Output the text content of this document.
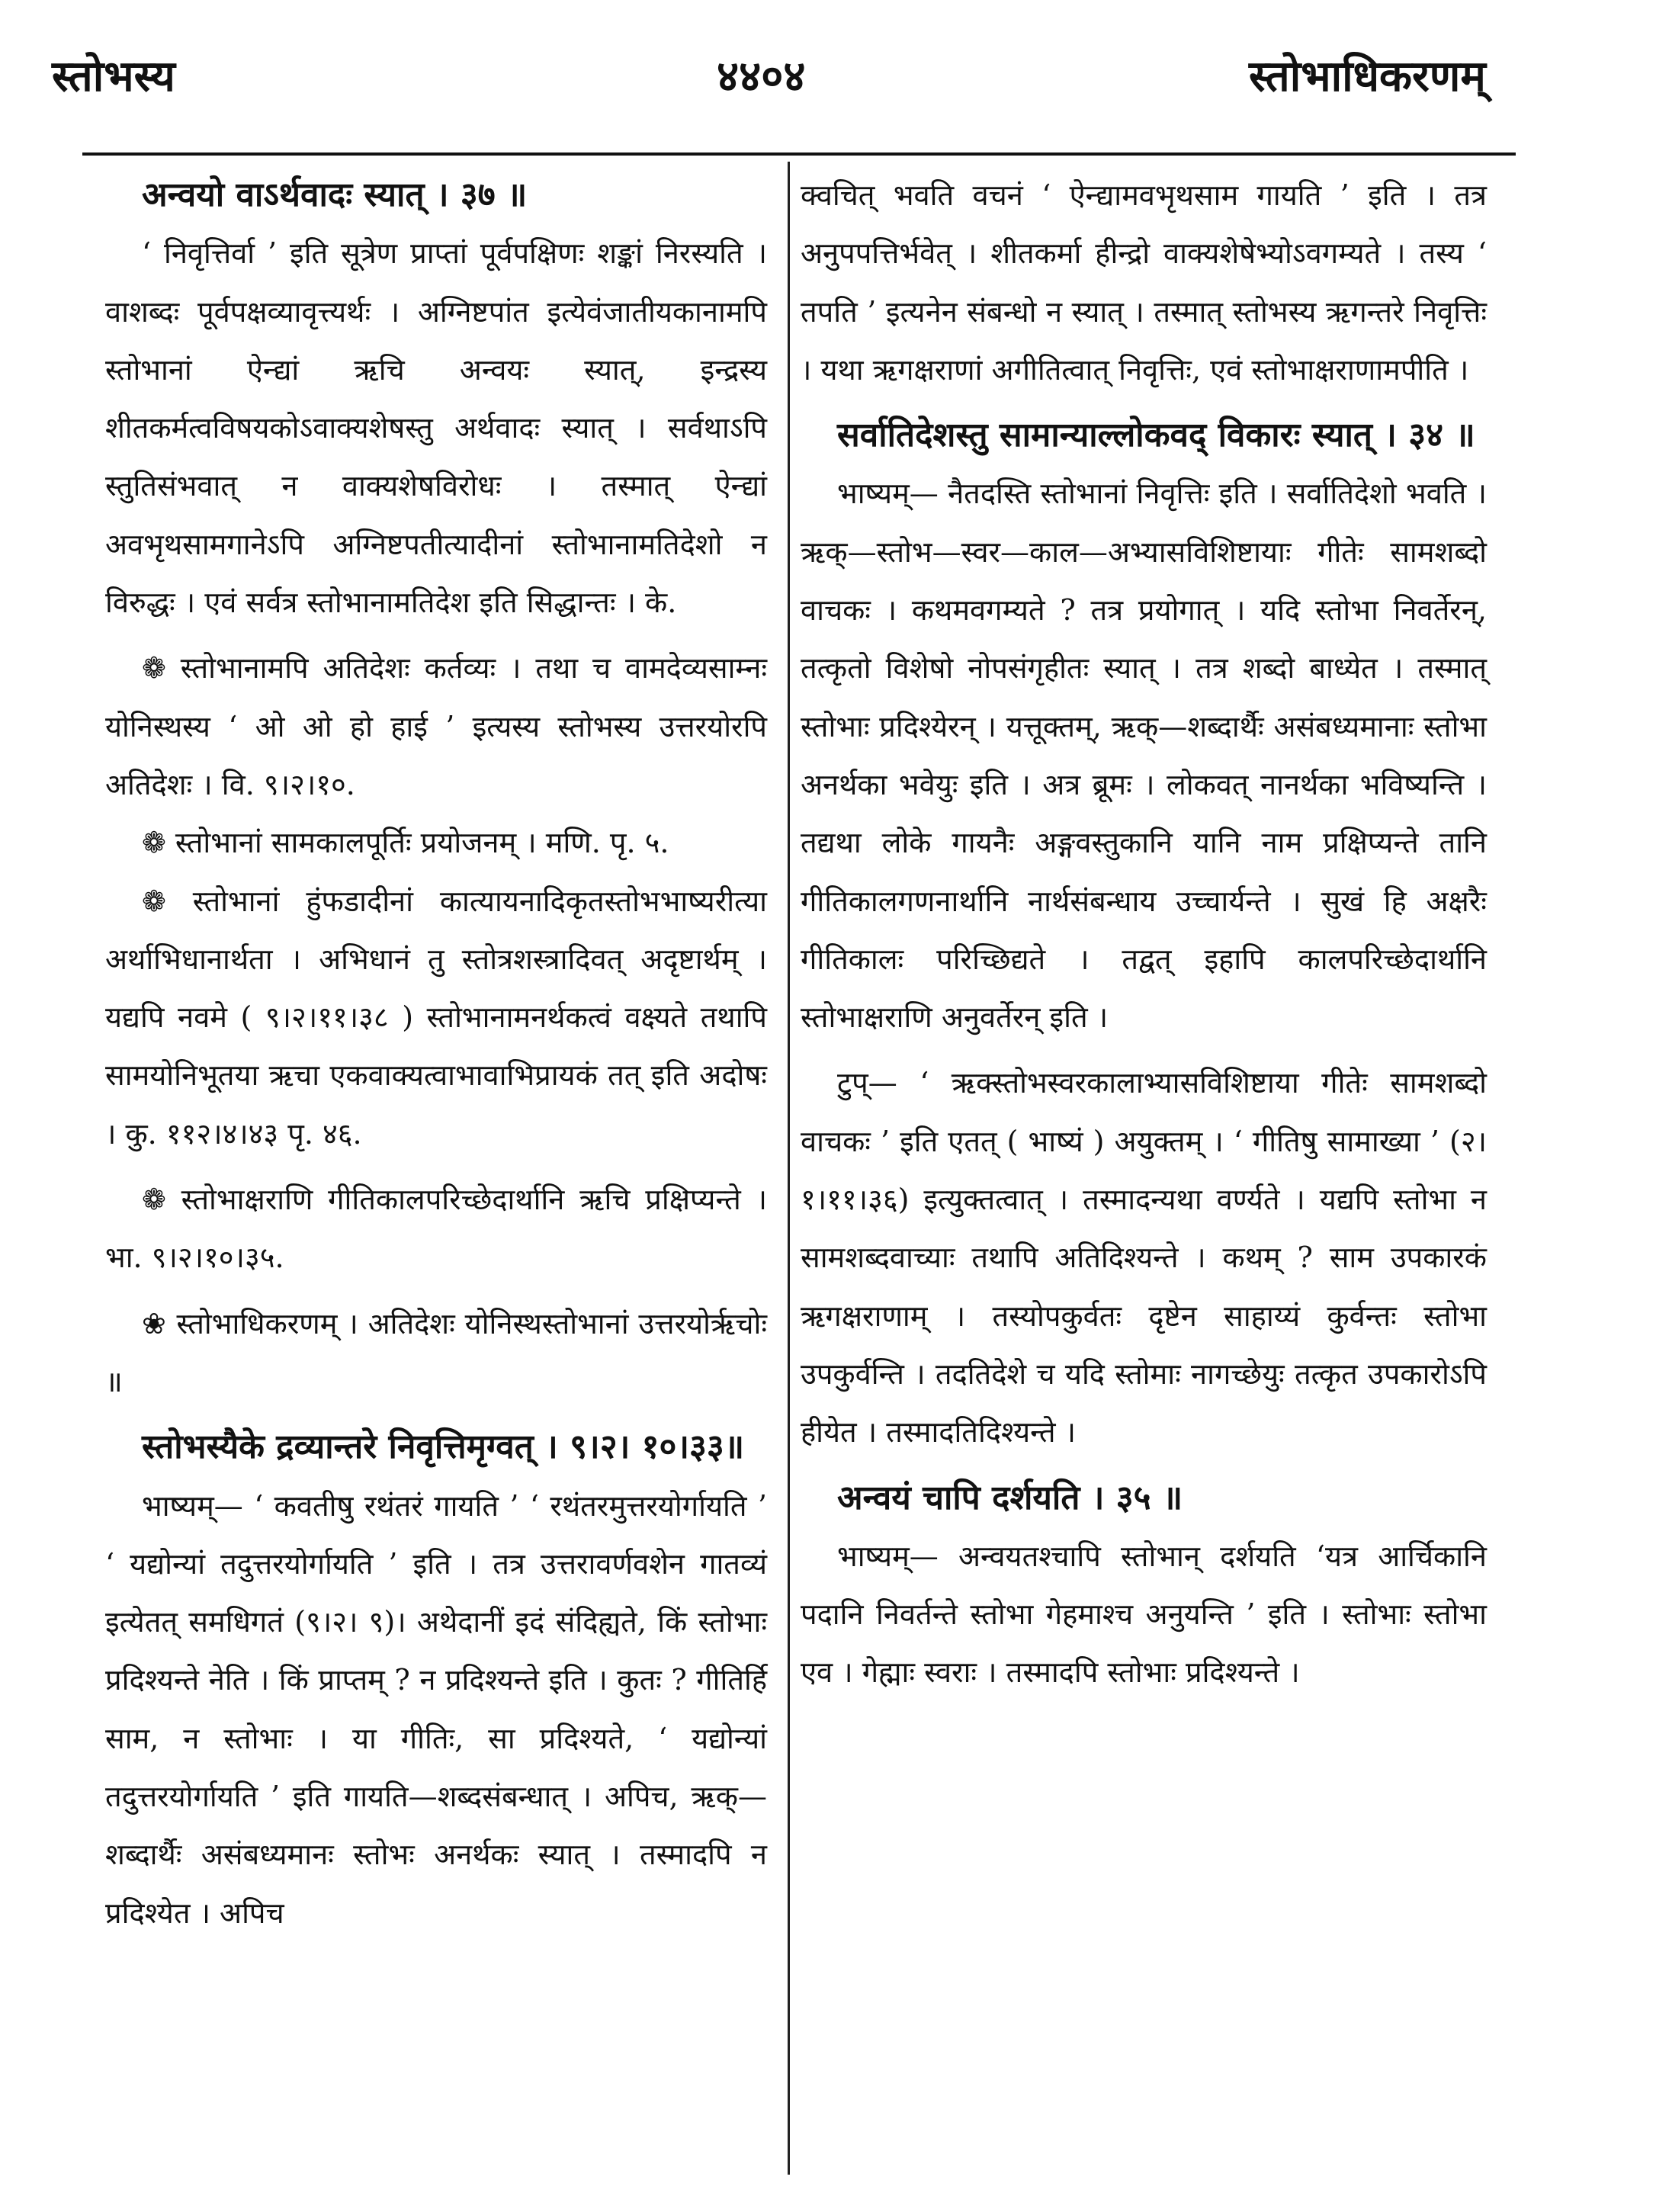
स्तोभस्य	४४०४	स्तोभाधिकरणम्

अन्वयो वाऽर्थवादः स्यात् । ३७ ॥

‘ निवृत्तिर्वा ’ इति सूत्रेण प्राप्तां पूर्वपक्षिणः शङ्कां निरस्यति । वाशब्दः पूर्वपक्षव्यावृत्त्यर्थः । अग्निष्टपांत इत्येवंजातीयकानामपि स्तोभानां ऐन्द्यां ऋचि अन्वयः स्यात्, इन्द्रस्य शीतकर्मत्वविषयकोऽवाक्यशेषस्तु अर्थवादः स्यात् । सर्वथाऽपि स्तुतिसंभवात् न वाक्यशेषविरोधः । तस्मात् ऐन्द्यां अवभृथसामगानेऽपि अग्निष्टपतीत्यादीनां स्तोभानामतिदेशो न विरुद्धः । एवं सर्वत्र स्तोभानामतिदेश इति सिद्धान्तः । के.

❁ स्तोभानामपि अतिदेशः कर्तव्यः । तथा च वामदेव्यसाम्नः योनिस्थस्य ‘ ओ ओ हो हाई ’ इत्यस्य स्तोभस्य उत्तरयोरपि अतिदेशः । वि. ९।२।१०.

❁ स्तोभानां सामकालपूर्तिः प्रयोजनम् । मणि. पृ. ५.

❁ स्तोभानां हुंफडादीनां कात्यायनादिकृतस्तोभभाष्यरीत्या अर्थाभिधानार्थता । अभिधानं तु स्तोत्रशस्त्रादिवत् अदृष्टार्थम् । यद्यपि नवमे ( ९।२।११।३८ ) स्तोभानामनर्थकत्वं वक्ष्यते तथापि सामयोनिभूतया ऋचा एकवाक्यत्वाभावाभिप्रायकं तत् इति अदोषः । कु. ११२।४।४३ पृ. ४६.

❁ स्तोभाक्षराणि गीतिकालपरिच्छेदार्थानि ऋचि प्रक्षिप्यन्ते । भा. ९।२।१०।३५.

❀ स्तोभाधिकरणम् । अतिदेशः योनिस्थस्तोभानां उत्तरयोर्ऋचोः ॥

स्तोभस्यैके द्रव्यान्तरे निवृत्तिमृग्वत् । ९।२। १०।३३॥

भाष्यम्— ‘ कवतीषु रथंतरं गायति ’ ‘ रथंतरमुत्तरयोर्गायति ’ ‘ यद्योन्यां तदुत्तरयोर्गायति ’ इति । तत्र उत्तरावर्णवशेन गातव्यं इत्येतत् समधिगतं (९।२। ९)। अथेदानीं इदं संदिह्यते, किं स्तोभाः प्रदिश्यन्ते नेति । किं प्राप्तम् ? न प्रदिश्यन्ते इति । कुतः ? गीतिर्हि साम, न स्तोभाः । या गीतिः, सा प्रदिश्यते, ‘ यद्योन्यां तदुत्तरयोर्गायति ’ इति गायति—शब्दसंबन्धात् । अपिच, ऋक्—शब्दार्थैः असंबध्यमानः स्तोभः अनर्थकः स्यात् । तस्मादपि न प्रदिश्येत । अपिच

क्वचित् भवति वचनं ‘ ऐन्द्यामवभृथसाम गायति ’ इति । तत्र अनुपपत्तिर्भवेत् । शीतकर्मा हीन्द्रो वाक्यशेषेभ्योऽवगम्यते । तस्य ‘ तपति ’ इत्यनेन संबन्धो न स्यात् । तस्मात् स्तोभस्य ऋगन्तरे निवृत्तिः । यथा ऋगक्षराणां अगीतित्वात् निवृत्तिः, एवं स्तोभाक्षराणामपीति ।

सर्वातिदेशस्तु सामान्याल्लोकवद् विकारः स्यात् । ३४ ॥

भाष्यम्— नैतदस्ति स्तोभानां निवृत्तिः इति । सर्वातिदेशो भवति । ऋक्—स्तोभ—स्वर—काल—अभ्यासविशिष्टायाः गीतेः सामशब्दो वाचकः । कथमवगम्यते ? तत्र प्रयोगात् । यदि स्तोभा निवर्तेरन्, तत्कृतो विशेषो नोपसंगृहीतः स्यात् । तत्र शब्दो बाध्येत । तस्मात् स्तोभाः प्रदिश्येरन् । यत्तूक्तम्, ऋक्—शब्दार्थैः असंबध्यमानाः स्तोभा अनर्थका भवेयुः इति । अत्र ब्रूमः । लोकवत् नानर्थका भविष्यन्ति । तद्यथा लोके गायनैः अङ्गवस्तुकानि यानि नाम प्रक्षिप्यन्ते तानि गीतिकालगणनार्थानि नार्थसंबन्धाय उच्चार्यन्ते । सुखं हि अक्षरैः गीतिकालः परिच्छिद्यते । तद्वत् इहापि कालपरिच्छेदार्थानि स्तोभाक्षराणि अनुवर्तेरन् इति ।

टुप्— ‘ ऋक्स्तोभस्वरकालाभ्यासविशिष्टाया गीतेः सामशब्दो वाचकः ’ इति एतत् ( भाष्यं ) अयुक्तम् । ‘ गीतिषु सामाख्या ’ (२।१।११।३६) इत्युक्तत्वात् । तस्मादन्यथा वर्ण्यते । यद्यपि स्तोभा न सामशब्दवाच्याः तथापि अतिदिश्यन्ते । कथम् ? साम उपकारकं ऋगक्षराणाम् । तस्योपकुर्वतः दृष्टेन साहाय्यं कुर्वन्तः स्तोभा उपकुर्वन्ति । तदतिदेशे च यदि स्तोमाः नागच्छेयुः तत्कृत उपकारोऽपि हीयेत । तस्मादतिदिश्यन्ते ।

अन्वयं चापि दर्शयति । ३५ ॥

भाष्यम्— अन्वयतश्चापि स्तोभान् दर्शयति ‘यत्र आर्चिकानि पदानि निवर्तन्ते स्तोभा गेहमाश्च अनुयन्ति ’ इति । स्तोभाः स्तोभा एव । गेह्माः स्वराः । तस्मादपि स्तोभाः प्रदिश्यन्ते ।
